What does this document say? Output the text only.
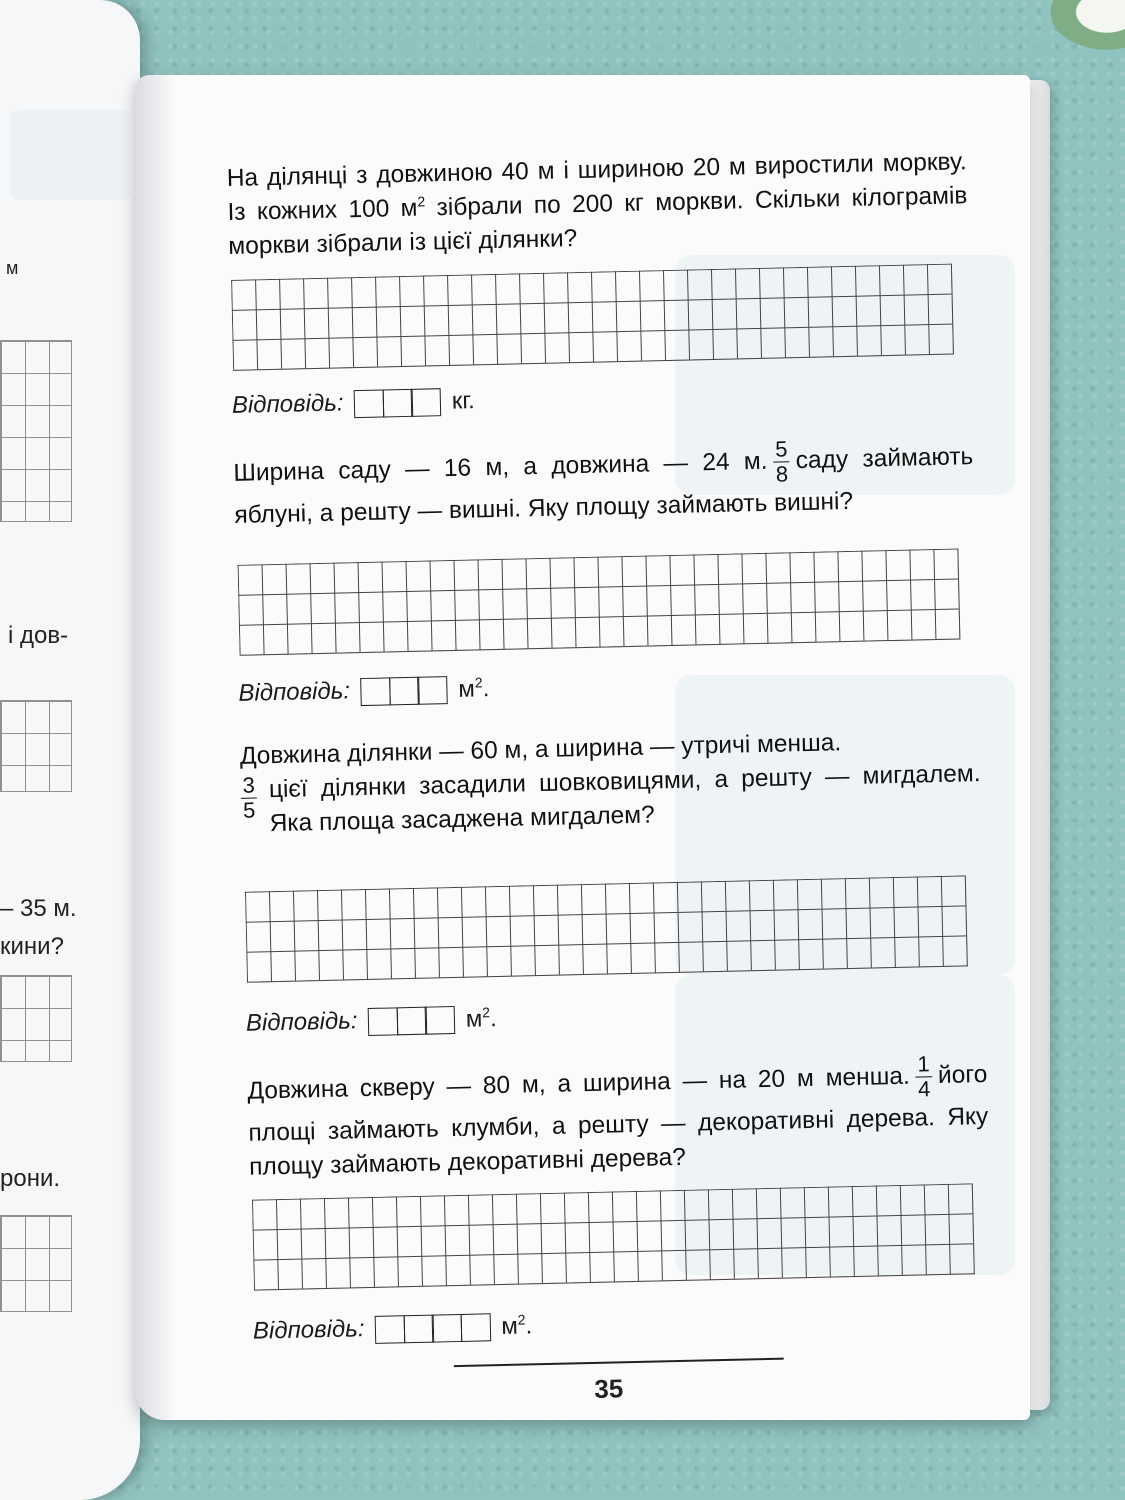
м
і дов-
– 35 м.
кини?
рони.

На ділянці з довжиною 40 м і шириною 20 м виростили моркву. Із кожних 100 $м^2$ зібрали по 200 кг моркви. Скільки кілограмів моркви зібрали із цієї ділянки?

Відповідь:	кг.

Ширина саду — 16 м, а довжина — 24 м. $\frac{5}{8}$ саду займають яблуні, а решту — вишні. Яку площу займають вишні?

Відповідь:	$м^2$.

Довжина ділянки — 60 м, а ширина — утричі менша.

$\frac{3}{5}$ цієї ділянки засадили шовковицями, а решту — мигдалем. Яка площа засаджена мигдалем?

Відповідь:	$м^2$.

Довжина скверу — 80 м, а ширина — на 20 м менша. $\frac{1}{4}$ його площі займають клумби, а решту — декоративні дерева. Яку площу займають декоративні дерева?

Відповідь:	$м^2$.
35
